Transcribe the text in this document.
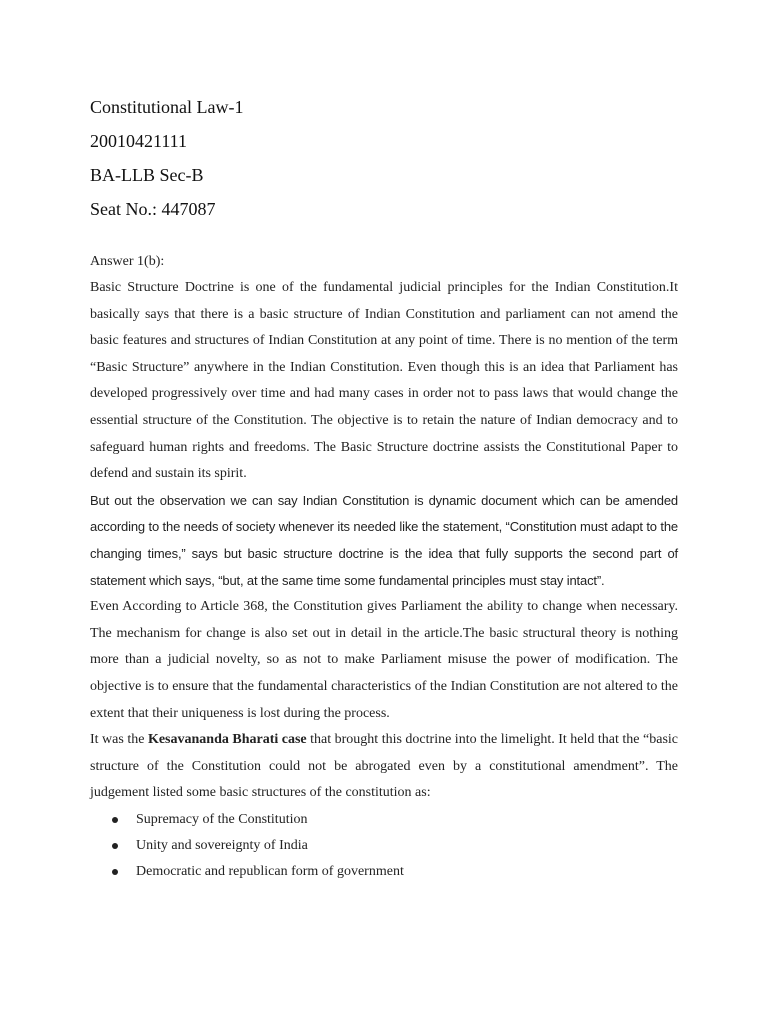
Constitutional Law-1

20010421111

BA-LLB Sec-B

Seat No.: 447087

Answer 1(b):

Basic Structure Doctrine is one of the fundamental judicial principles for the Indian Constitution.It basically says that there is a basic structure of Indian Constitution and parliament can not amend the basic features and structures of Indian Constitution at any point of time. There is no mention of the term “Basic Structure” anywhere in the Indian Constitution. Even though this is an idea that Parliament has developed progressively over time and had many cases in order not to pass laws that would change the essential structure of the Constitution. The objective is to retain the nature of Indian democracy and to safeguard human rights and freedoms. The Basic Structure doctrine assists the Constitutional Paper to defend and sustain its spirit.

But out the observation we can say Indian Constitution is dynamic document which can be amended according to the needs of society whenever its needed like the statement, “Constitution must adapt to the changing times,” says but basic structure doctrine is the idea that fully supports the second part of statement which says, “but, at the same time some fundamental principles must stay intact”.

Even According to Article 368, the Constitution gives Parliament the ability to change when necessary. The mechanism for change is also set out in detail in the article.The basic structural theory is nothing more than a judicial novelty, so as not to make Parliament misuse the power of modification. The objective is to ensure that the fundamental characteristics of the Indian Constitution are not altered to the extent that their uniqueness is lost during the process.

It was the Kesavananda Bharati case that brought this doctrine into the limelight. It held that the “basic structure of the Constitution could not be abrogated even by a constitutional amendment”. The judgement listed some basic structures of the constitution as:

Supremacy of the Constitution
Unity and sovereignty of India
Democratic and republican form of government
